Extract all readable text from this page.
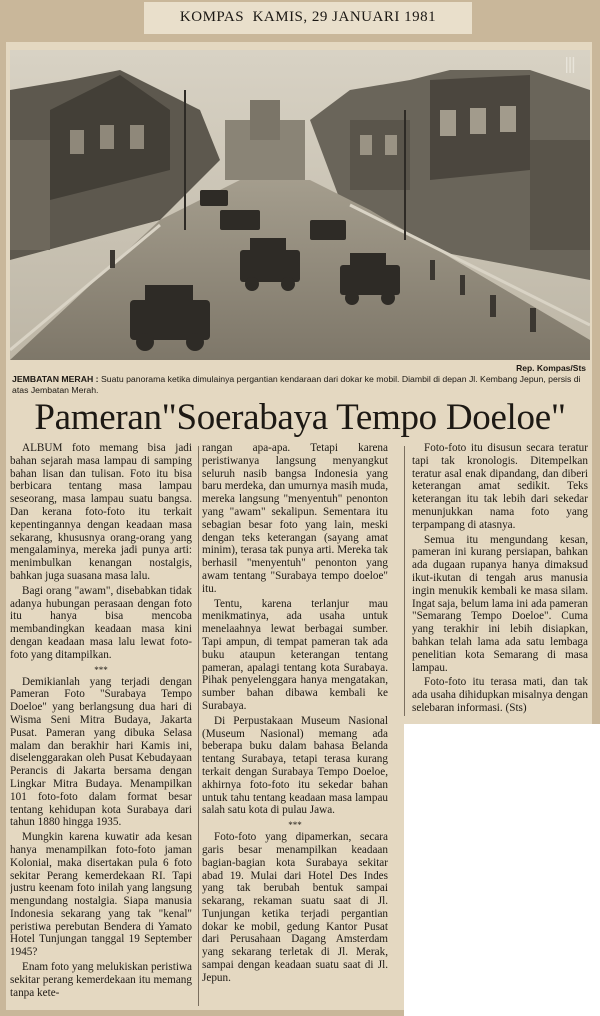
KOMPAS KAMIS, 29 JANUARI 1981
|||
Rep. Kompas/Sts
JEMBATAN MERAH : Suatu panorama ketika dimulainya pergantian kendaraan dari dokar ke mobil. Diambil di depan Jl. Kembang Jepun, persis di atas Jembatan Merah.
Pameran"Soerabaya Tempo Doeloe"

ALBUM foto memang bisa jadi bahan sejarah masa lampau di samping bahan lisan dan tulisan. Foto itu bisa berbicara tentang masa lampau seseorang, masa lampau suatu bangsa. Dan kerana foto-foto itu terkait kepentingannya dengan keadaan masa sekarang, khususnya orang-orang yang mengalaminya, mereka jadi punya arti: menimbulkan kenangan nostalgis, bahkan juga suasana masa lalu.

Bagi orang "awam", disebabkan tidak adanya hubungan perasaan dengan foto itu hanya bisa mencoba membandingkan keadaan masa kini dengan keadaan masa lalu lewat foto-foto yang ditampilkan.

***

Demikianlah yang terjadi dengan Pameran Foto "Surabaya Tempo Doeloe" yang berlangsung dua hari di Wisma Seni Mitra Budaya, Jakarta Pusat. Pameran yang dibuka Selasa malam dan berakhir hari Kamis ini, diselenggarakan oleh Pusat Kebudayaan Perancis di Jakarta bersama dengan Lingkar Mitra Budaya. Menampilkan 101 foto-foto dalam format besar tentang kehidupan kota Surabaya dari tahun 1880 hingga 1935.

Mungkin karena kuwatir ada kesan hanya menampilkan foto-foto jaman Kolonial, maka disertakan pula 6 foto sekitar Perang kemerdekaan RI. Tapi justru keenam foto inilah yang langsung mengundang nostalgia. Siapa manusia Indonesia sekarang yang tak "kenal" peristiwa perebutan Bendera di Yamato Hotel Tunjungan tanggal 19 September 1945?

Enam foto yang melukiskan peristiwa sekitar perang kemerdekaan itu memang tanpa kete-

rangan apa-apa. Tetapi karena peristiwanya langsung menyangkut seluruh nasib bangsa Indonesia yang baru merdeka, dan umurnya masih muda, mereka langsung "menyentuh" penonton yang "awam" sekalipun. Sementara itu sebagian besar foto yang lain, meski dengan teks keterangan (sayang amat minim), terasa tak punya arti. Mereka tak berhasil "menyentuh" penonton yang awam tentang "Surabaya tempo doeloe" itu.

Tentu, karena terlanjur mau menikmatinya, ada usaha untuk menelaahnya lewat berbagai sumber. Tapi ampun, di tempat pameran tak ada buku ataupun keterangan tentang pameran, apalagi tentang kota Surabaya. Pihak penyelenggara hanya mengatakan, sumber bahan dibawa kembali ke Surabaya.

Di Perpustakaan Museum Nasional (Museum Nasional) memang ada beberapa buku dalam bahasa Belanda tentang Surabaya, tetapi terasa kurang terkait dengan Surabaya Tempo Doeloe, akhirnya foto-foto itu sekedar bahan untuk tahu tentang keadaan masa lampau salah satu kota di pulau Jawa.

***

Foto-foto yang dipamerkan, secara garis besar menampilkan keadaan bagian-bagian kota Surabaya sekitar abad 19. Mulai dari Hotel Des Indes yang tak berubah bentuk sampai sekarang, rekaman suatu saat di Jl. Tunjungan ketika terjadi pergantian dokar ke mobil, gedung Kantor Pusat dari Perusahaan Dagang Amsterdam yang sekarang terletak di Jl. Merak, sampai dengan keadaan suatu saat di Jl. Jepun.

Foto-foto itu disusun secara teratur tapi tak kronologis. Ditempelkan teratur asal enak dipandang, dan diberi keterangan amat sedikit. Teks keterangan itu tak lebih dari sekedar menunjukkan nama foto yang terpampang di atasnya.

Semua itu mengundang kesan, pameran ini kurang persiapan, bahkan ada dugaan rupanya hanya dimaksud ikut-ikutan di tengah arus manusia ingin menukik kembali ke masa silam. Ingat saja, belum lama ini ada pameran "Semarang Tempo Doeloe". Cuma yang terakhir ini lebih disiapkan, bahkan telah lama ada satu lembaga penelitian kota Semarang di masa lampau.

Foto-foto itu terasa mati, dan tak ada usaha dihidupkan misalnya dengan selebaran informasi. (Sts)
